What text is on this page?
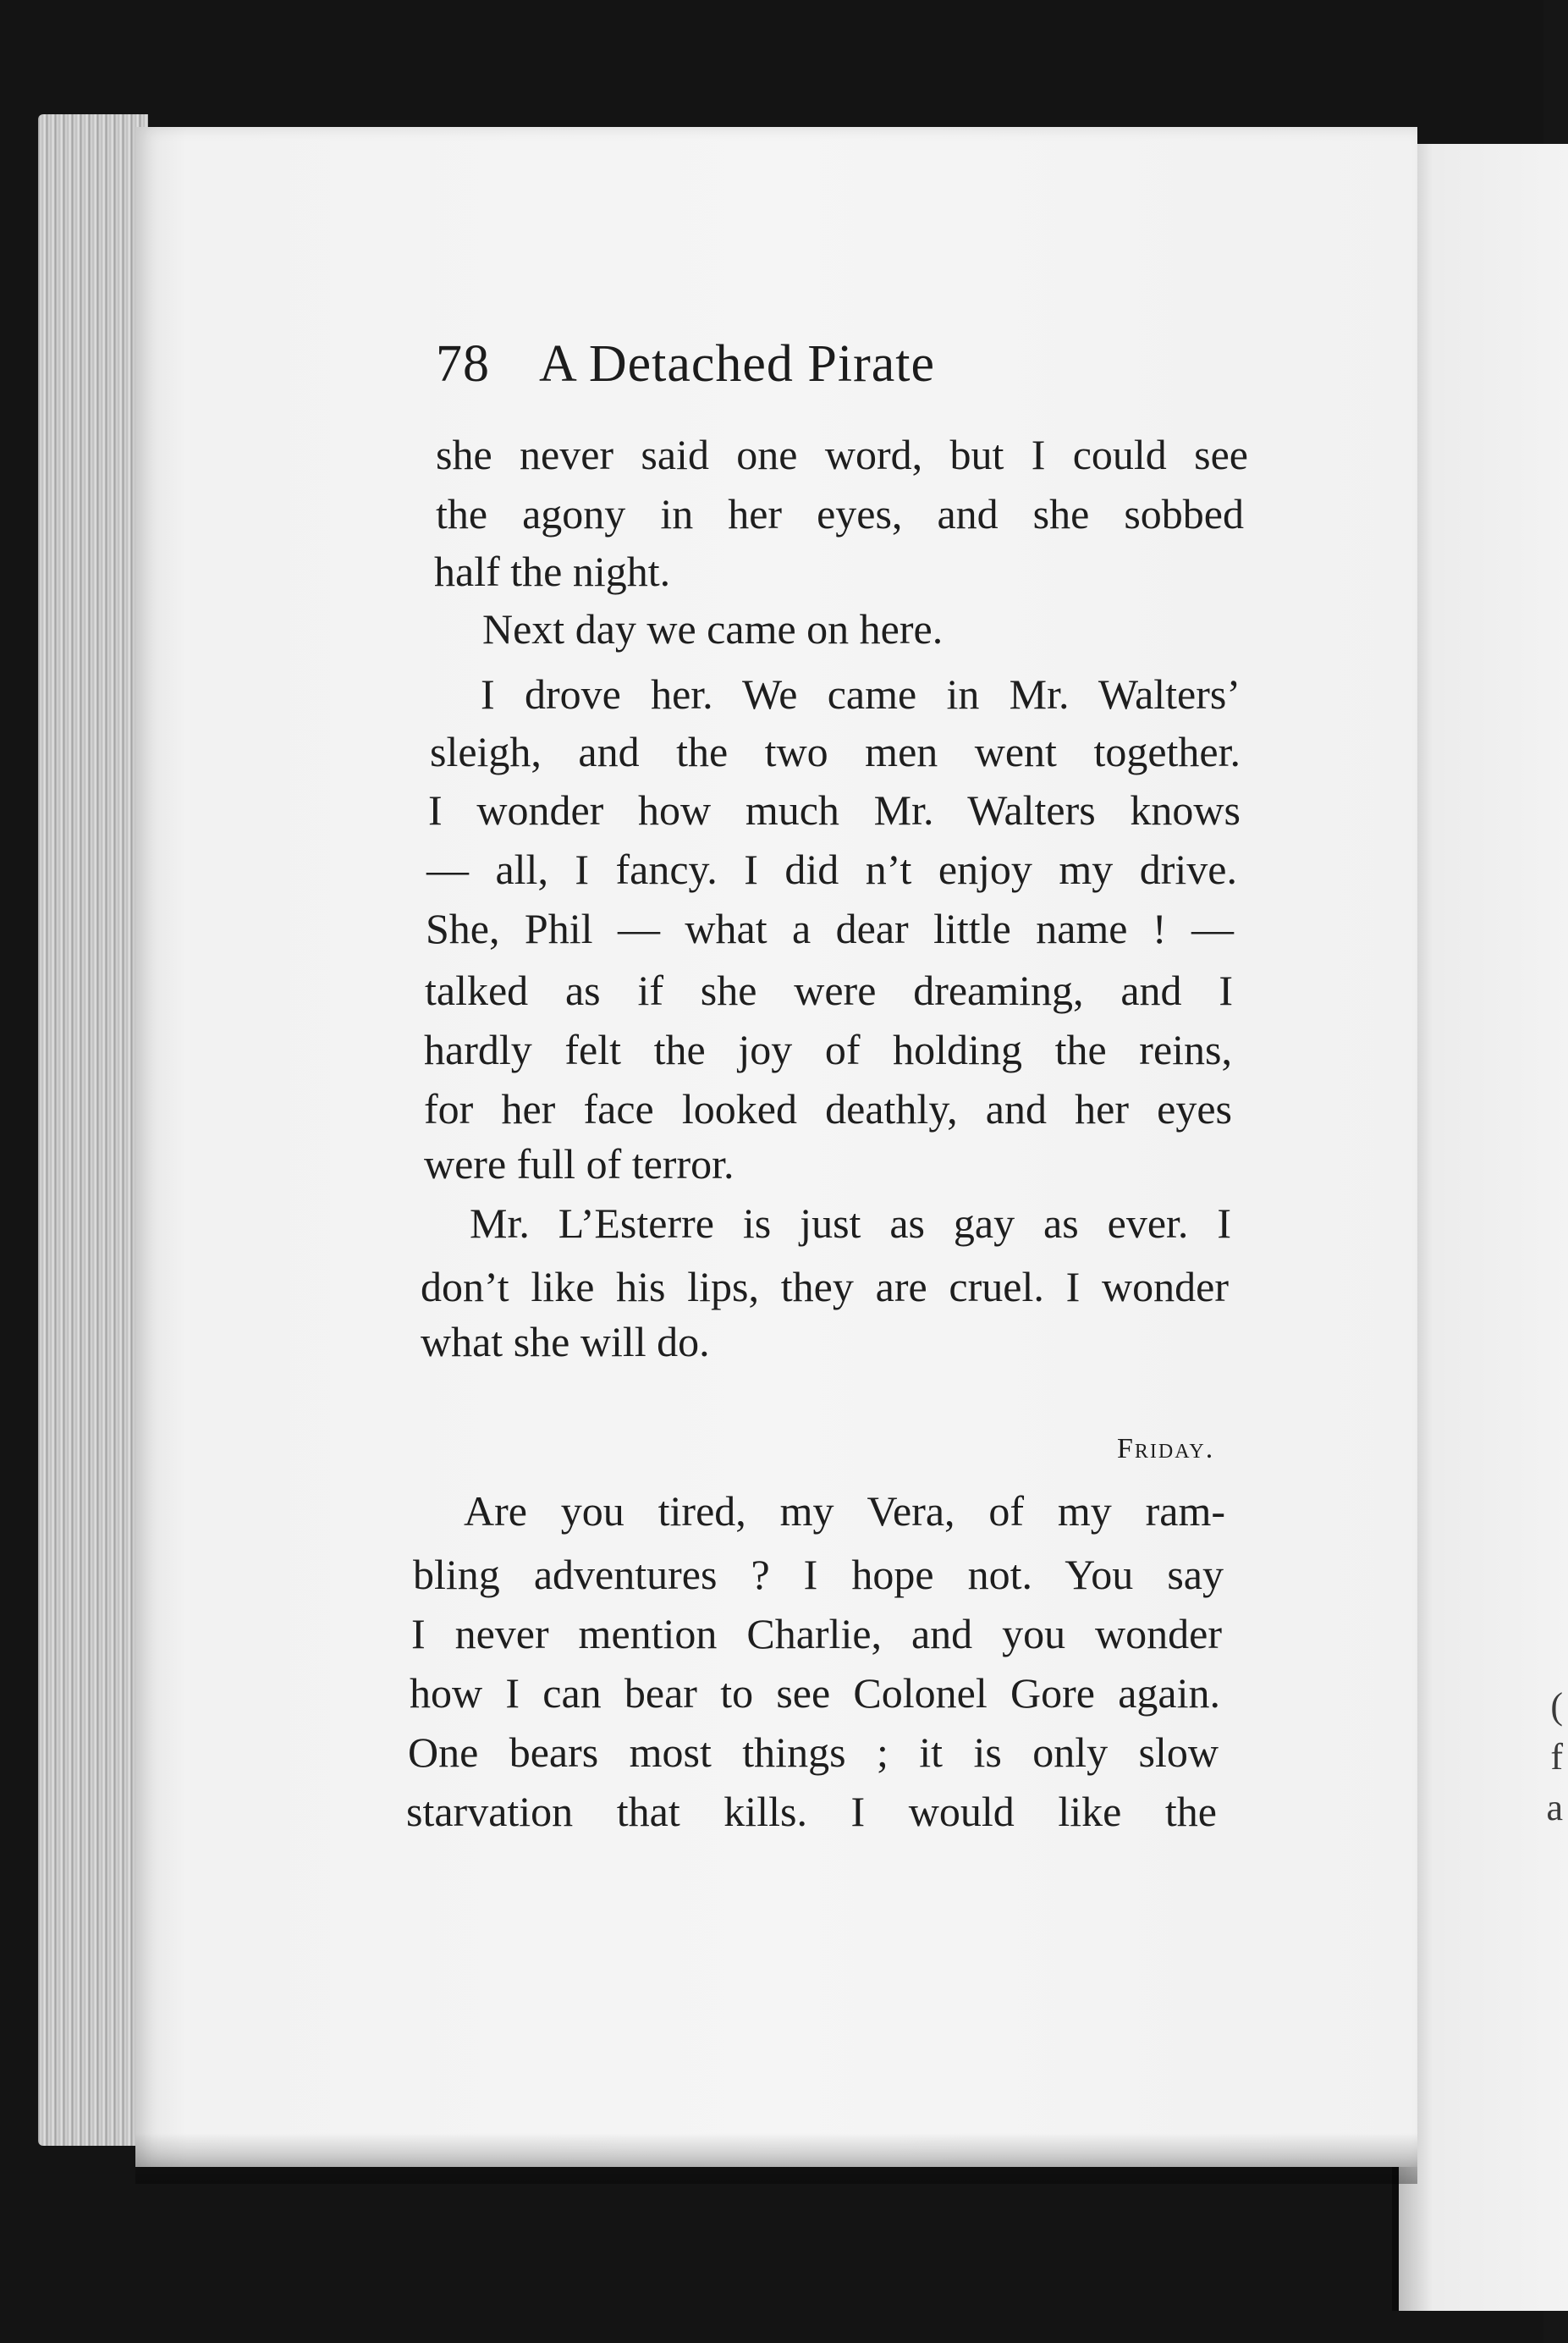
(
f
a
78 A Detached Pirate
she never said one word, but I could see
the agony in her eyes, and she sobbed
half the night.
Next day we came on here.
I drove her. We came in Mr. Walters’
sleigh, and the two men went together.
I wonder how much Mr. Walters knows
— all, I fancy. I did n’t enjoy my drive.
She, Phil — what a dear little name ! —
talked as if she were dreaming, and I
hardly felt the joy of holding the reins,
for her face looked deathly, and her eyes
were full of terror.
Mr. L’Esterre is just as gay as ever. I
don’t like his lips, they are cruel. I wonder
what she will do.
Friday.
Are you tired, my Vera, of my ram-
bling adventures ? I hope not. You say
I never mention Charlie, and you wonder
how I can bear to see Colonel Gore again.
One bears most things ; it is only slow
starvation that kills. I would like the
